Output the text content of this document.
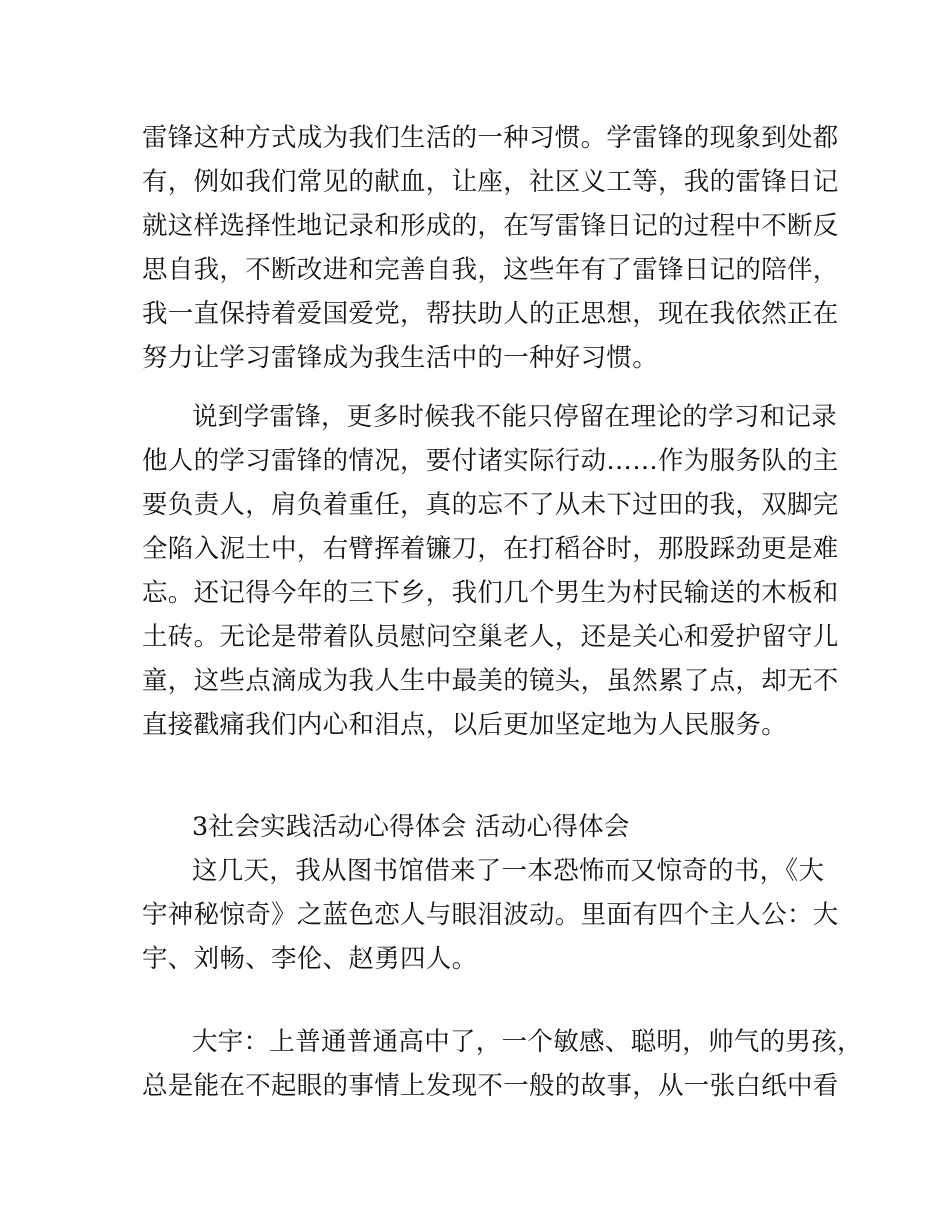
雷锋这种方式成为我们生活的一种习惯。学雷锋的现象到处都
有，例如我们常见的献血，让座，社区义工等，我的雷锋日记
就这样选择性地记录和形成的，在写雷锋日记的过程中不断反
思自我，不断改进和完善自我，这些年有了雷锋日记的陪伴，
我一直保持着爱国爱党，帮扶助人的正思想，现在我依然正在
努力让学习雷锋成为我生活中的一种好习惯。
说到学雷锋，更多时候我不能只停留在理论的学习和记录
他人的学习雷锋的情况，要付诸实际行动……作为服务队的主
要负责人，肩负着重任，真的忘不了从未下过田的我，双脚完
全陷入泥土中，右臂挥着镰刀，在打稻谷时，那股踩劲更是难
忘。还记得今年的三下乡，我们几个男生为村民输送的木板和
土砖。无论是带着队员慰问空巢老人，还是关心和爱护留守儿
童，这些点滴成为我人生中最美的镜头，虽然累了点，却无不
直接戳痛我们内心和泪点，以后更加坚定地为人民服务。
3社会实践活动心得体会 活动心得体会
这几天，我从图书馆借来了一本恐怖而又惊奇的书，《大
宇神秘惊奇》之蓝色恋人与眼泪波动。里面有四个主人公：大
宇、刘畅、李伦、赵勇四人。
大宇：上普通普通高中了，一个敏感、聪明，帅气的男孩，
总是能在不起眼的事情上发现不一般的故事，从一张白纸中看
